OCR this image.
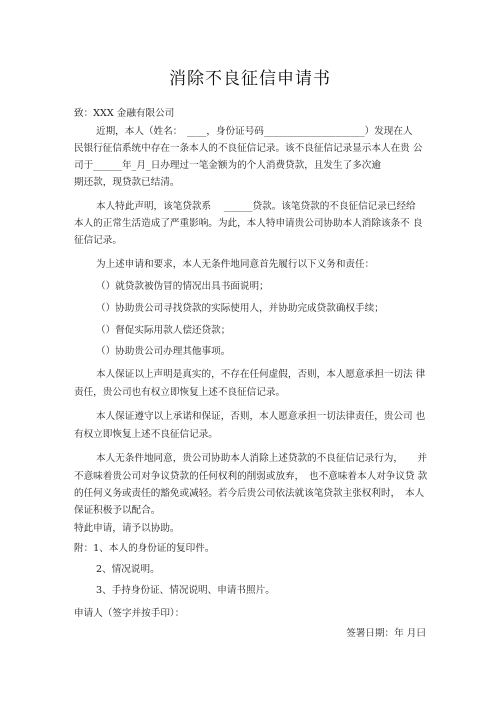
消除不良征信申请书
致：XXX 金融有限公司
近期，本人（姓名：　____，身份证号码_____________________）发现在人
民银行征信系统中存在一条本人的不良征信记录。该不良征信记录显示本人在贵 公
司于______年_月_日办理过一笔金额为的个人消费贷款，且发生了多次逾
期还款，现贷款已结清。
本人特此声明，该笔贷款系 　______贷款。该笔贷款的不良征信记录已经给
本人的正常生活造成了严重影响。为此，本人特申请贵公司协助本人消除该条不 良
征信记录。
为上述申请和要求，本人无条件地同意首先履行以下义务和责任：
（）就贷款被伪冒的情况出具书面说明；
（）协助贵公司寻找贷款的实际使用人，并协助完成贷款确权手续；
（）督促实际用款人偿还贷款；
（）协助贵公司办理其他事项。
本人保证以上声明是真实的，不存在任何虚假，否则，本人愿意承担一切法 律
责任，贵公司也有权立即恢复上述不良征信记录。
本人保证遵守以上承诺和保证，否则，本人愿意承担一切法律责任，贵公司 也
有权立即恢复上述不良征信记录。
本人无条件地同意，贵公司协助本人消除上述贷款的不良征信记录行为，　　并
不意味着贵公司对争议贷款的任何权利的削弱或放弃，　也不意味着本人对争议贷 款
的任何义务或责任的豁免或减轻。若今后贵公司依法就该笔贷款主张权利时，　本人
保证积极予以配合。
特此申请，请予以协助。
附：1、本人的身份证的复印件。
2、情况说明。
3、手持身份证、情况说明、申请书照片。
申请人（签字并按手印）：
签署日期：年 月曰
